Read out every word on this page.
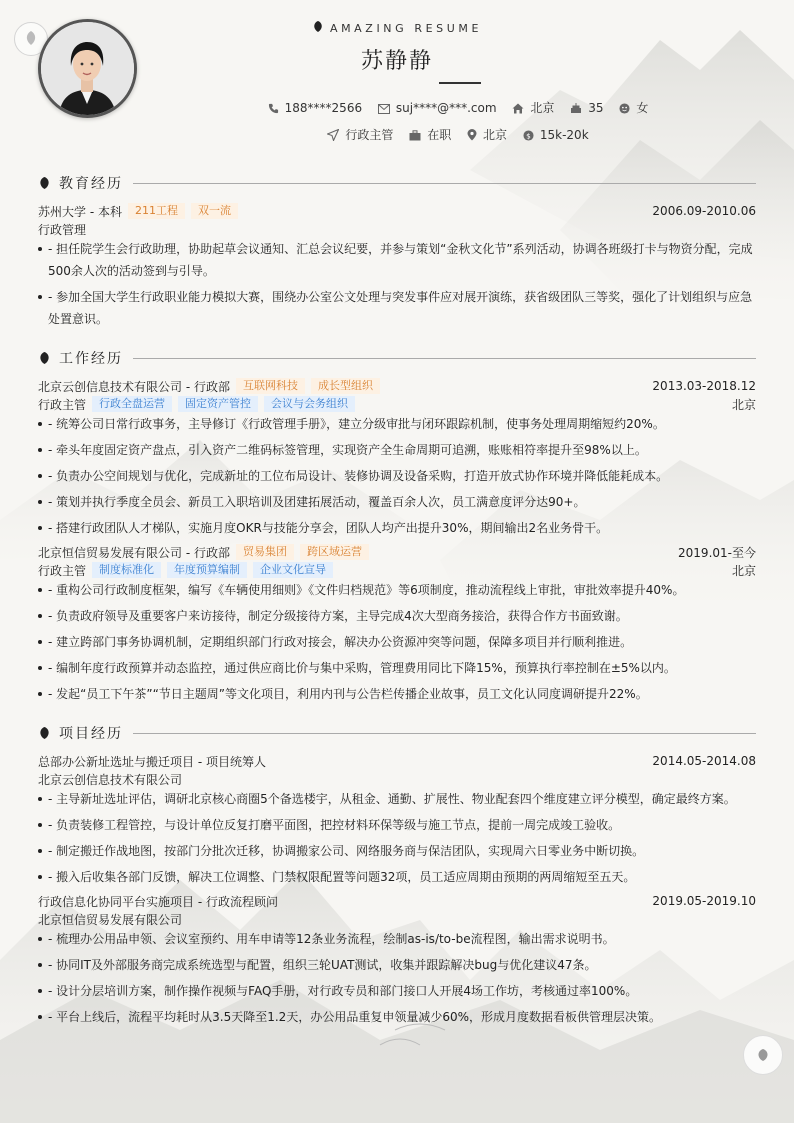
AMAZING RESUME
苏静静
188****2566	suj****@***.com	北京	35	女
行政主管	在职	北京 $ 15k-20k
教育经历
苏州大学 - 本科	211工程	双一流	2006.09-2010.06
行政管理
- 担任院学生会行政助理，协助起草会议通知、汇总会议纪要，并参与策划“金秋文化节”系列活动，协调各班级打卡与物资分配，完成500余人次的活动签到与引导。
- 参加全国大学生行政职业能力模拟大赛，围绕办公室公文处理与突发事件应对展开演练，获省级团队三等奖，强化了计划组织与应急处置意识。
工作经历
北京云创信息技术有限公司 - 行政部	互联网科技	成长型组织	2013.03-2018.12
行政主管	行政全盘运营	固定资产管控	会议与会务组织	北京
- 统筹公司日常行政事务，主导修订《行政管理手册》，建立分级审批与闭环跟踪机制，使事务处理周期缩短约20%。
- 牵头年度固定资产盘点，引入资产二维码标签管理，实现资产全生命周期可追溯，账账相符率提升至98%以上。
- 负责办公空间规划与优化，完成新址的工位布局设计、装修协调及设备采购，打造开放式协作环境并降低能耗成本。
- 策划并执行季度全员会、新员工入职培训及团建拓展活动，覆盖百余人次，员工满意度评分达90+。
- 搭建行政团队人才梯队，实施月度OKR与技能分享会，团队人均产出提升30%，期间输出2名业务骨干。
北京恒信贸易发展有限公司 - 行政部	贸易集团	跨区域运营	2019.01-至今
行政主管	制度标准化	年度预算编制	企业文化宣导	北京
- 重构公司行政制度框架，编写《车辆使用细则》《文件归档规范》等6项制度，推动流程线上审批，审批效率提升40%。
- 负责政府领导及重要客户来访接待，制定分级接待方案，主导完成4次大型商务接洽，获得合作方书面致谢。
- 建立跨部门事务协调机制，定期组织部门行政对接会，解决办公资源冲突等问题，保障多项目并行顺利推进。
- 编制年度行政预算并动态监控，通过供应商比价与集中采购，管理费用同比下降15%，预算执行率控制在±5%以内。
- 发起“员工下午茶”“节日主题周”等文化项目，利用内刊与公告栏传播企业故事，员工文化认同度调研提升22%。
项目经历
总部办公新址选址与搬迁项目 - 项目统筹人	2014.05-2014.08
北京云创信息技术有限公司
- 主导新址选址评估，调研北京核心商圈5个备选楼宇，从租金、通勤、扩展性、物业配套四个维度建立评分模型，确定最终方案。
- 负责装修工程管控，与设计单位反复打磨平面图，把控材料环保等级与施工节点，提前一周完成竣工验收。
- 制定搬迁作战地图，按部门分批次迁移，协调搬家公司、网络服务商与保洁团队，实现周六日零业务中断切换。
- 搬入后收集各部门反馈，解决工位调整、门禁权限配置等问题32项，员工适应周期由预期的两周缩短至五天。
行政信息化协同平台实施项目 - 行政流程顾问	2019.05-2019.10
北京恒信贸易发展有限公司
- 梳理办公用品申领、会议室预约、用车申请等12条业务流程，绘制as-is/to-be流程图，输出需求说明书。
- 协同IT及外部服务商完成系统选型与配置，组织三轮UAT测试，收集并跟踪解决bug与优化建议47条。
- 设计分层培训方案，制作操作视频与FAQ手册，对行政专员和部门接口人开展4场工作坊，考核通过率100%。
- 平台上线后，流程平均耗时从3.5天降至1.2天，办公用品重复申领量减少60%，形成月度数据看板供管理层决策。
